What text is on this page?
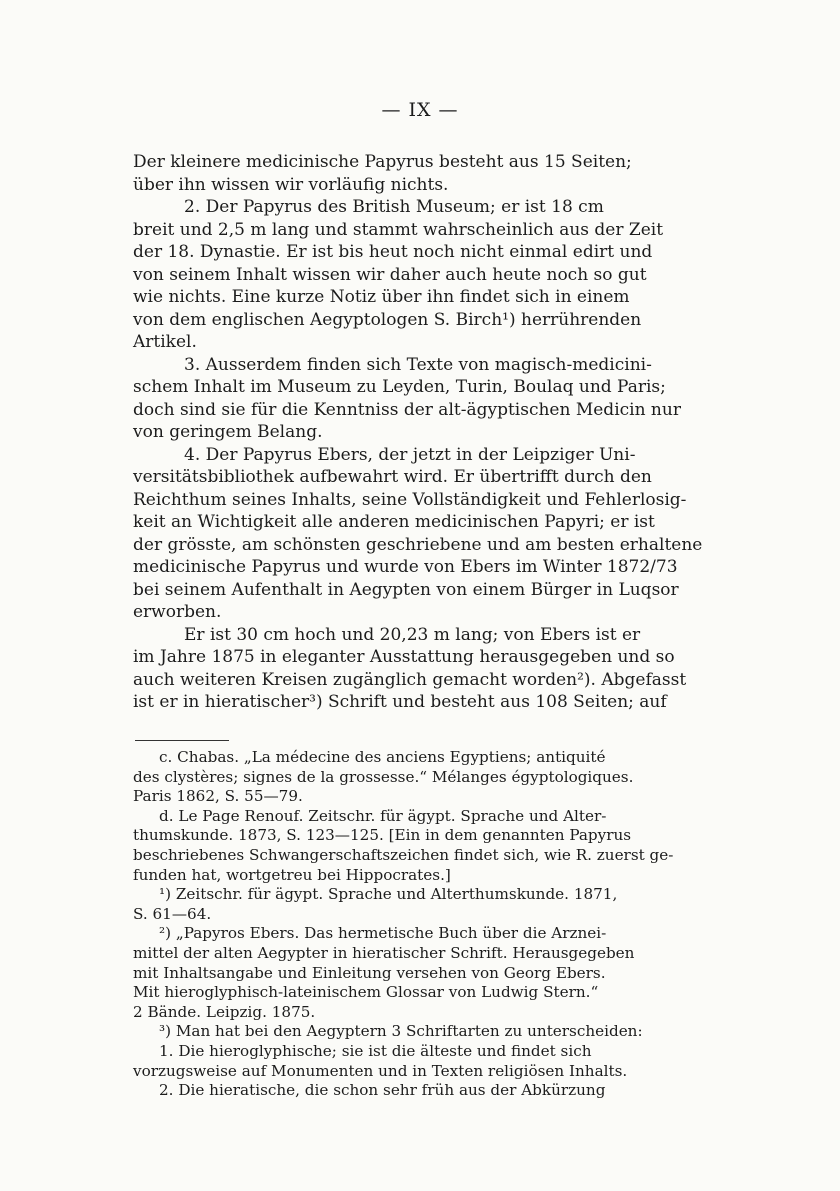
— IX —
Der kleinere medicinische Papyrus besteht aus 15 Seiten;
über ihn wissen wir vorläufig nichts.
2. Der Papyrus des British Museum; er ist 18 cm
breit und 2,5 m lang und stammt wahrscheinlich aus der Zeit
der 18. Dynastie. Er ist bis heut noch nicht einmal edirt und
von seinem Inhalt wissen wir daher auch heute noch so gut
wie nichts. Eine kurze Notiz über ihn findet sich in einem
von dem englischen Aegyptologen S. Birch¹) herrührenden
Artikel.
3. Ausserdem finden sich Texte von magisch-medicini-
schem Inhalt im Museum zu Leyden, Turin, Boulaq und Paris;
doch sind sie für die Kenntniss der alt-ägyptischen Medicin nur
von geringem Belang.
4. Der Papyrus Ebers, der jetzt in der Leipziger Uni-
versitätsbibliothek aufbewahrt wird. Er übertrifft durch den
Reichthum seines Inhalts, seine Vollständigkeit und Fehlerlosig-
keit an Wichtigkeit alle anderen medicinischen Papyri; er ist
der grösste, am schönsten geschriebene und am besten erhaltene
medicinische Papyrus und wurde von Ebers im Winter 1872/73
bei seinem Aufenthalt in Aegypten von einem Bürger in Luqsor
erworben.
Er ist 30 cm hoch und 20,23 m lang; von Ebers ist er
im Jahre 1875 in eleganter Ausstattung herausgegeben und so
auch weiteren Kreisen zugänglich gemacht worden²). Abgefasst
ist er in hieratischer³) Schrift und besteht aus 108 Seiten; auf
c. Chabas. „La médecine des anciens Egyptiens; antiquité
des clystères; signes de la grossesse.“ Mélanges égyptologiques.
Paris 1862, S. 55—79.
d. Le Page Renouf. Zeitschr. für ägypt. Sprache und Alter-
thumskunde. 1873, S. 123—125. [Ein in dem genannten Papyrus
beschriebenes Schwangerschaftszeichen findet sich, wie R. zuerst ge-
funden hat, wortgetreu bei Hippocrates.]
¹) Zeitschr. für ägypt. Sprache und Alterthumskunde. 1871,
S. 61—64.
²) „Papyros Ebers. Das hermetische Buch über die Arznei-
mittel der alten Aegypter in hieratischer Schrift. Herausgegeben
mit Inhaltsangabe und Einleitung versehen von Georg Ebers.
Mit hieroglyphisch-lateinischem Glossar von Ludwig Stern.“
2 Bände. Leipzig. 1875.
³) Man hat bei den Aegyptern 3 Schriftarten zu unterscheiden:
1. Die hieroglyphische; sie ist die älteste und findet sich
vorzugsweise auf Monumenten und in Texten religiösen Inhalts.
2. Die hieratische, die schon sehr früh aus der Abkürzung
